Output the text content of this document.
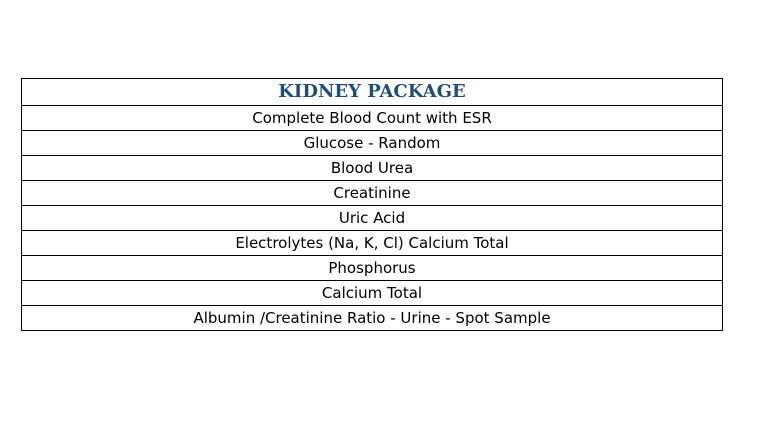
KIDNEY PACKAGE
Complete Blood Count with ESR
Glucose - Random
Blood Urea
Creatinine
Uric Acid
Electrolytes (Na, K, Cl) Calcium Total
Phosphorus
Calcium Total
Albumin /Creatinine Ratio - Urine - Spot Sample
